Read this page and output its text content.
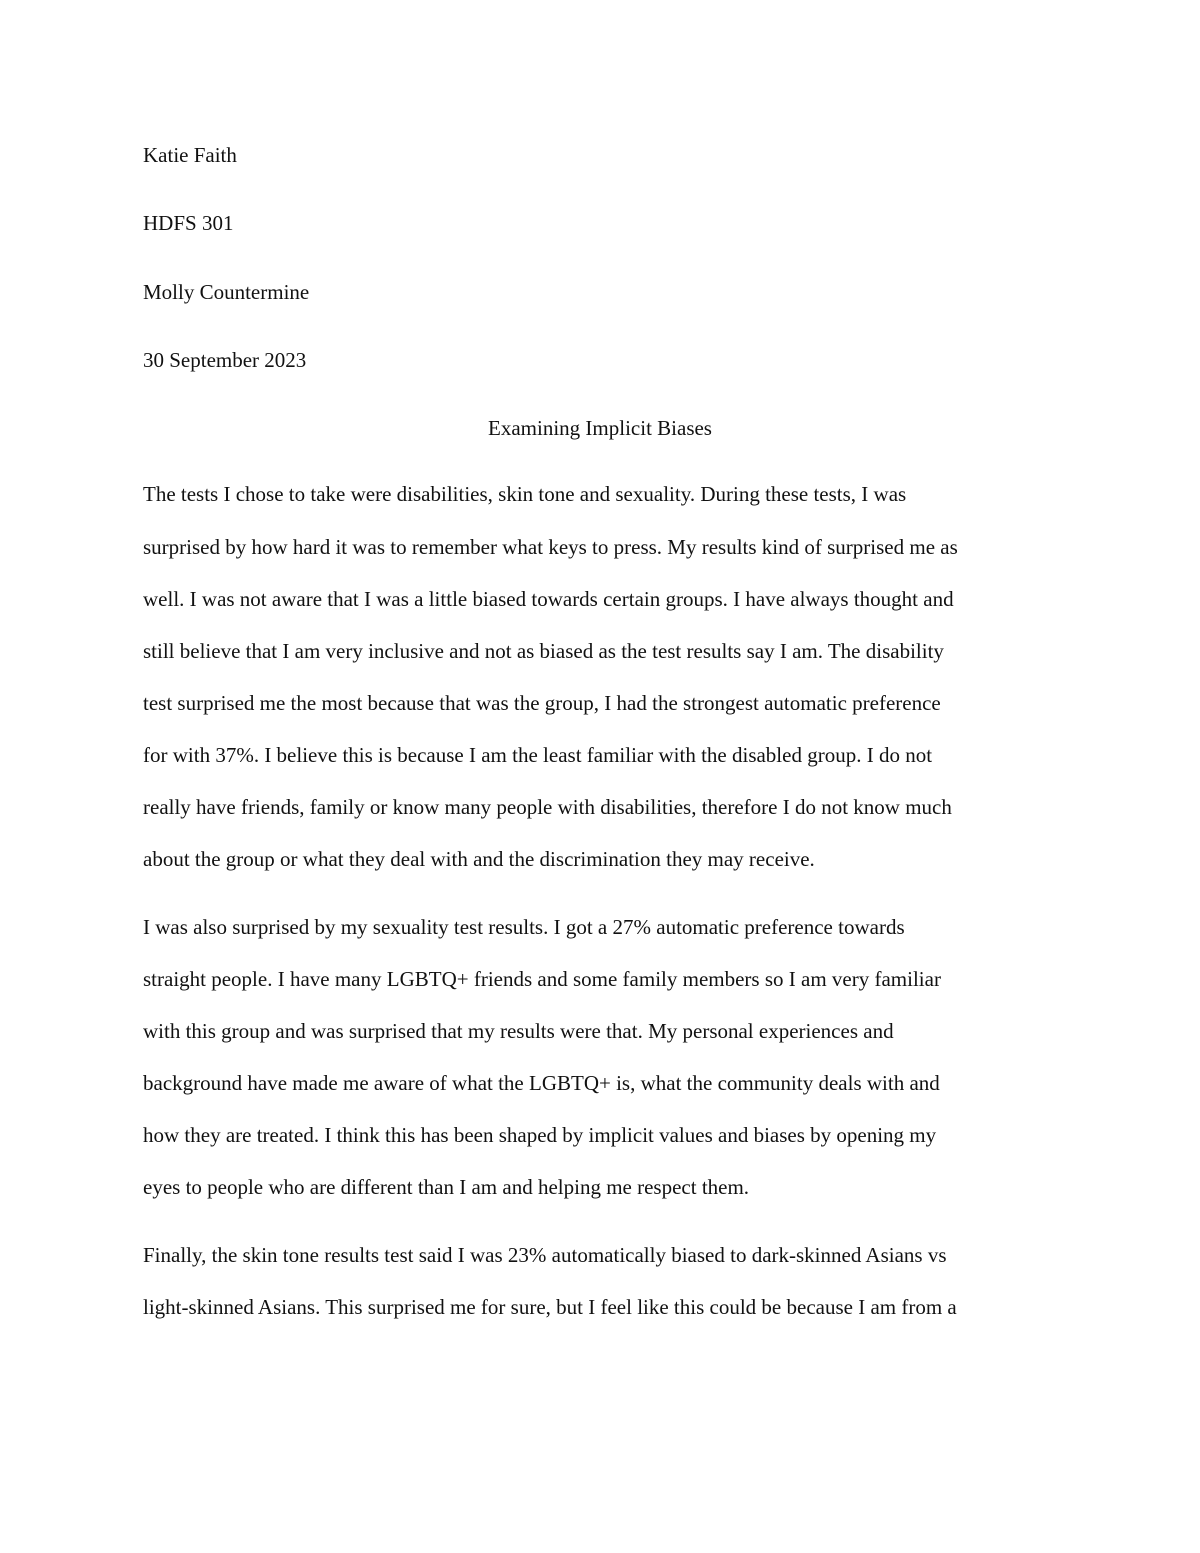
Katie Faith

HDFS 301

Molly Countermine

30 September 2023

Examining Implicit Biases

The tests I chose to take were disabilities, skin tone and sexuality. During these tests, I was

surprised by how hard it was to remember what keys to press. My results kind of surprised me as

well. I was not aware that I was a little biased towards certain groups. I have always thought and

still believe that I am very inclusive and not as biased as the test results say I am. The disability

test surprised me the most because that was the group, I had the strongest automatic preference

for with 37%. I believe this is because I am the least familiar with the disabled group. I do not

really have friends, family or know many people with disabilities, therefore I do not know much

about the group or what they deal with and the discrimination they may receive.

I was also surprised by my sexuality test results. I got a 27% automatic preference towards

straight people. I have many LGBTQ+ friends and some family members so I am very familiar

with this group and was surprised that my results were that. My personal experiences and

background have made me aware of what the LGBTQ+ is, what the community deals with and

how they are treated. I think this has been shaped by implicit values and biases by opening my

eyes to people who are different than I am and helping me respect them.

Finally, the skin tone results test said I was 23% automatically biased to dark-skinned Asians vs

light-skinned Asians. This surprised me for sure, but I feel like this could be because I am from a
